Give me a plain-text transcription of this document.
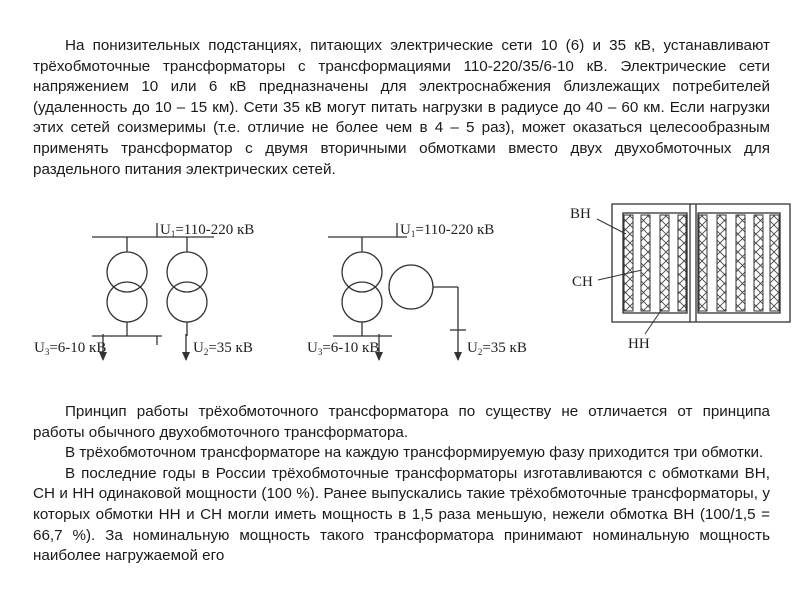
На понизительных подстанциях, питающих электрические сети 10 (6) и 35 кВ, устанавливают трёхобмоточные трансформаторы с трансформациями 110-220/35/6-10 кВ. Электрические сети напряжением 10 или 6 кВ предназначены для электроснабжения близлежащих потребителей (удаленность до 10 – 15 км). Сети 35 кВ могут питать нагрузки в радиусе до 40 – 60 км. Если нагрузки этих сетей соизмеримы (т.е. отличие не более чем в 4 – 5 раз), может оказаться целесообразным применять трансформатор с двумя вторичными обмотками вместо двух двухобмоточных для раздельного питания электрических сетей.

$U_1=110-220$ кВ
$U_3=6-10$ кВ	$U_2=35$ кВ
$U_1=110-220$ кВ
$U_3=6-10$ кВ	$U_2=35$ кВ
ВН
СН
НН

Принцип работы трёхобмоточного трансформатора по существу не отличается от принципа работы обычного двухобмоточного трансформатора.

В трёхобмоточном трансформаторе на каждую трансформируемую фазу приходится три обмотки.

В последние годы в России трёхобмоточные трансформаторы изготавливаются с обмотками ВН, СН и НН одинаковой мощности (100 %). Ранее выпускались такие трёхобмоточные трансформаторы, у которых обмотки НН и СН могли иметь мощность в 1,5 раза меньшую, нежели обмотка ВН (100/1,5 = 66,7 %). За номинальную мощность такого трансформатора принимают номинальную мощность наиболее нагружаемой его
